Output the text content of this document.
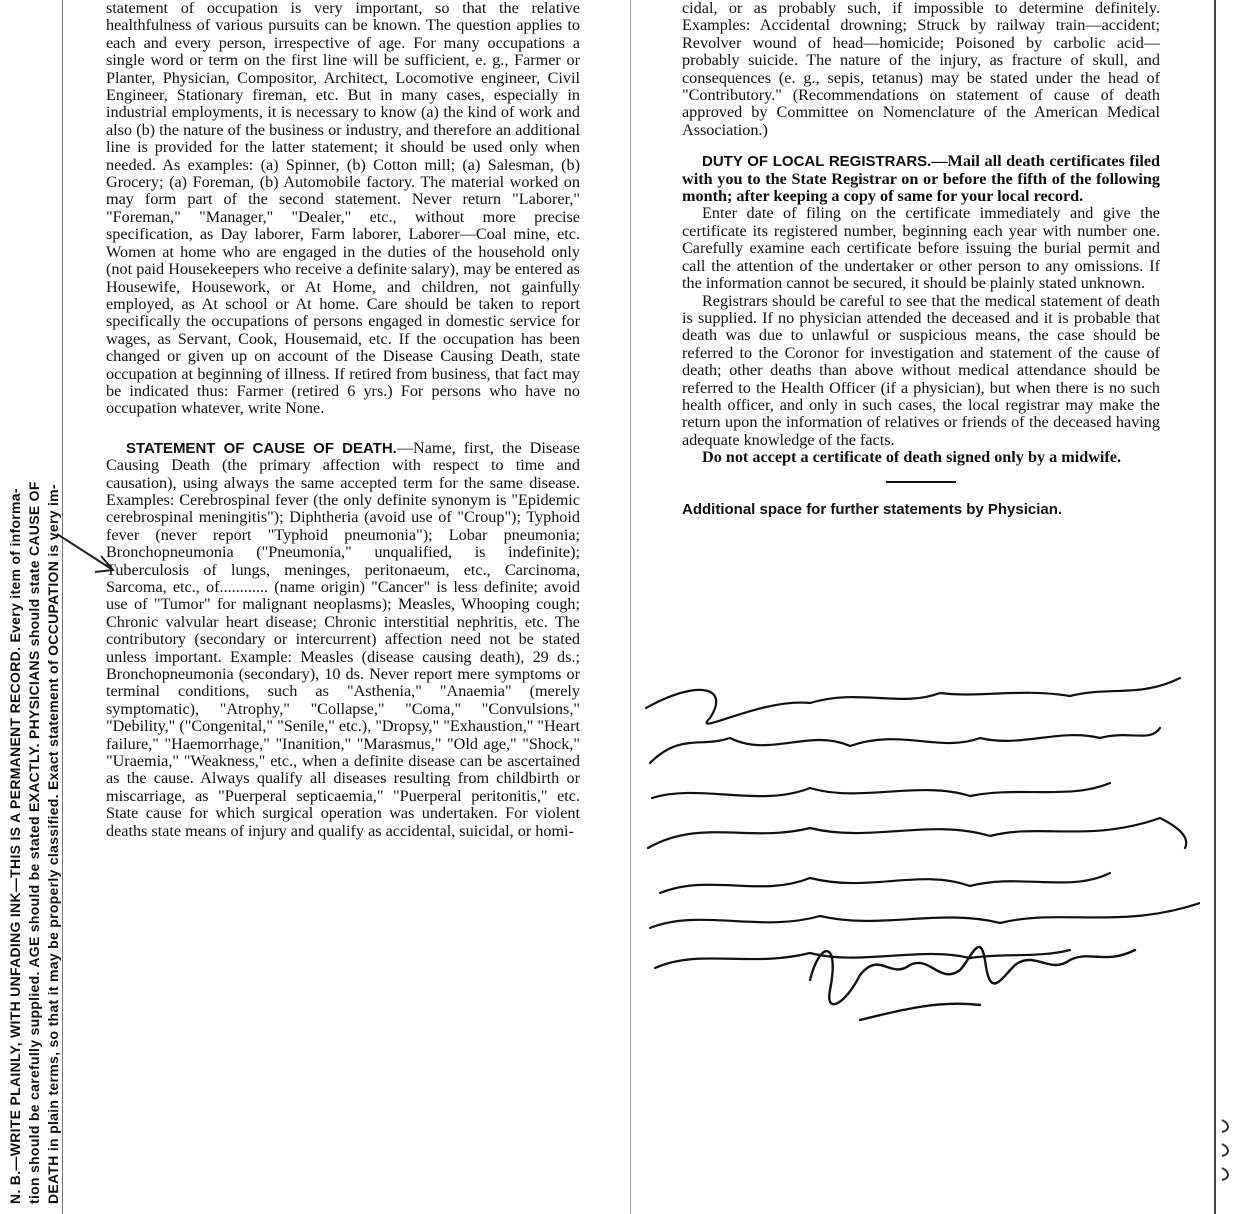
N. B.—WRITE PLAINLY, WITH UNFADING INK—THIS IS A PERMANENT RECORD. Every item of informa- tion should be carefully supplied. AGE should be stated EXACTLY. PHYSICIANS should state CAUSE OF DEATH in plain terms, so that it may be properly classified. Exact statement of OCCUPATION is very im-

statement of occupation is very important, so that the relative healthfulness of various pursuits can be known. The question applies to each and every person, irrespective of age. For many occupations a single word or term on the first line will be sufficient, e. g., Farmer or Planter, Physician, Compositor, Architect, Locomotive engineer, Civil Engineer, Stationary fireman, etc. But in many cases, especially in industrial employments, it is necessary to know (a) the kind of work and also (b) the nature of the business or industry, and therefore an additional line is provided for the latter statement; it should be used only when needed. As examples: (a) Spinner, (b) Cotton mill; (a) Salesman, (b) Grocery; (a) Foreman, (b) Automobile factory. The material worked on may form part of the second statement. Never return "Laborer," "Foreman," "Manager," "Dealer," etc., without more precise specification, as Day laborer, Farm laborer, Laborer—Coal mine, etc. Women at home who are engaged in the duties of the household only (not paid Housekeepers who receive a definite salary), may be entered as Housewife, Housework, or At Home, and children, not gainfully employed, as At school or At home. Care should be taken to report specifically the occupations of persons engaged in domestic service for wages, as Servant, Cook, Housemaid, etc. If the occupation has been changed or given up on account of the Disease Causing Death, state occupation at beginning of illness. If retired from business, that fact may be indicated thus: Farmer (retired 6 yrs.) For persons who have no occupation whatever, write None.

STATEMENT OF CAUSE OF DEATH.—Name, first, the Disease Causing Death (the primary affection with respect to time and causation), using always the same accepted term for the same disease. Examples: Cerebrospinal fever (the only definite synonym is "Epidemic cerebrospinal meningitis"); Diphtheria (avoid use of "Croup"); Typhoid fever (never report "Typhoid pneumonia"); Lobar pneumonia; Bronchopneumonia ("Pneumonia," unqualified, is indefinite); Tuberculosis of lungs, meninges, peritonaeum, etc., Carcinoma, Sarcoma, etc., of............ (name origin) "Cancer" is less definite; avoid use of "Tumor" for malignant neoplasms); Measles, Whooping cough; Chronic valvular heart disease; Chronic interstitial nephritis, etc. The contributory (secondary or intercurrent) affection need not be stated unless important. Example: Measles (disease causing death), 29 ds.; Bronchopneumonia (secondary), 10 ds. Never report mere symptoms or terminal conditions, such as "Asthenia," "Anaemia" (merely symptomatic), "Atrophy," "Collapse," "Coma," "Convulsions," "Debility," ("Congenital," "Senile," etc.), "Dropsy," "Exhaustion," "Heart failure," "Haemorrhage," "Inanition," "Marasmus," "Old age," "Shock," "Uraemia," "Weakness," etc., when a definite disease can be ascertained as the cause. Always qualify all diseases resulting from childbirth or miscarriage, as "Puerperal septicaemia," "Puerperal peritonitis," etc. State cause for which surgical operation was undertaken. For violent deaths state means of injury and qualify as accidental, suicidal, or homi-

cidal, or as probably such, if impossible to determine definitely. Examples: Accidental drowning; Struck by railway train—accident; Revolver wound of head—homicide; Poisoned by carbolic acid—probably suicide. The nature of the injury, as fracture of skull, and consequences (e. g., sepis, tetanus) may be stated under the head of "Contributory." (Recommendations on statement of cause of death approved by Committee on Nomenclature of the American Medical Association.)

DUTY OF LOCAL REGISTRARS.—Mail all death certificates filed with you to the State Registrar on or before the fifth of the following month; after keeping a copy of same for your local record.

Enter date of filing on the certificate immediately and give the certificate its registered number, beginning each year with number one. Carefully examine each certificate before issuing the burial permit and call the attention of the undertaker or other person to any omissions. If the information cannot be secured, it should be plainly stated unknown.

Registrars should be careful to see that the medical statement of death is supplied. If no physician attended the deceased and it is probable that death was due to unlawful or suspicious means, the case should be referred to the Coronor for investigation and statement of the cause of death; other deaths than above without medical attendance should be referred to the Health Officer (if a physician), but when there is no such health officer, and only in such cases, the local registrar may make the return upon the information of relatives or friends of the deceased having adequate knowledge of the facts.

Do not accept a certificate of death signed only by a midwife.

Additional space for further statements by Physician.
